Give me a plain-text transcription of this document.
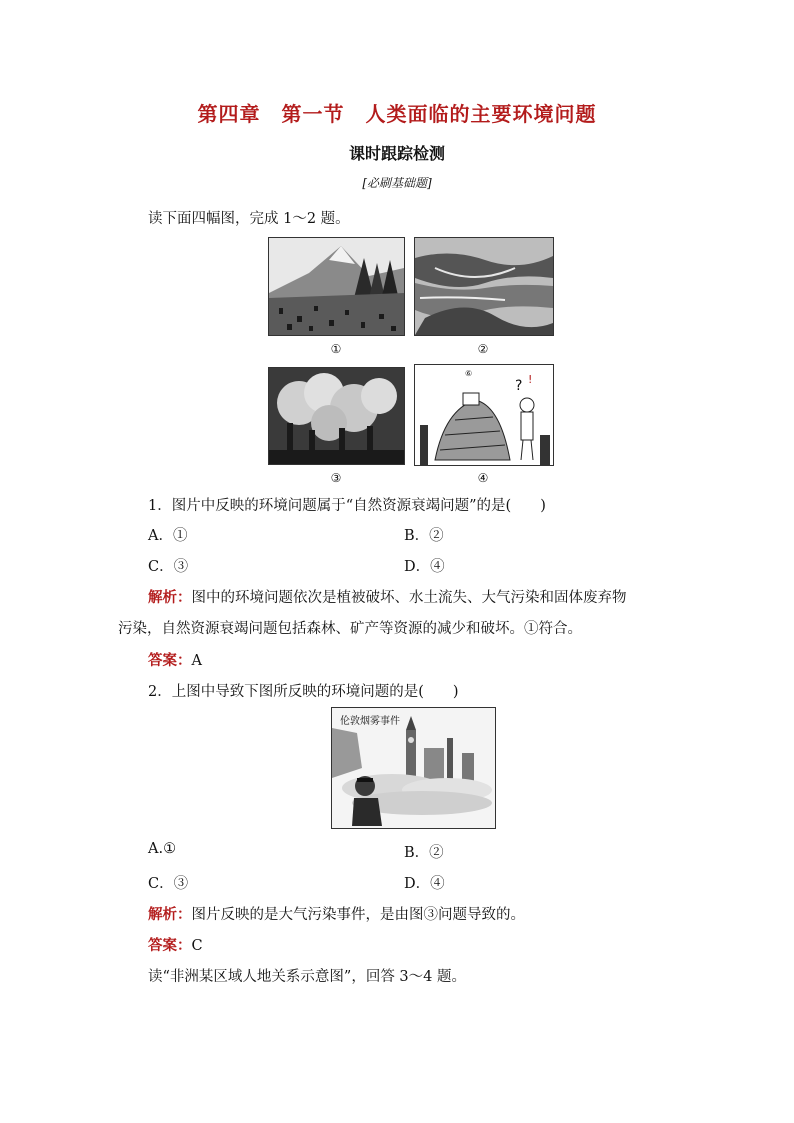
第四章　第一节　人类面临的主要环境问题
课时跟踪检测
[必刷基础题]
读下面四幅图，完成 1～2 题。
①	②
③
? !
⑥
④
1．图片中反映的环境问题属于“自然资源衰竭问题”的是(　　)
A．①	B．②
C．③	D．④
解析：图中的环境问题依次是植被破坏、水土流失、大气污染和固体废弃物
污染，自然资源衰竭问题包括森林、矿产等资源的减少和破坏。①符合。
答案：A
2．上图中导致下图所反映的环境问题的是(　　)
伦敦烟雾事件
A.①	B．②
C．③	D．④
解析：图片反映的是大气污染事件，是由图③问题导致的。
答案：C
读“非洲某区域人地关系示意图”，回答 3～4 题。
